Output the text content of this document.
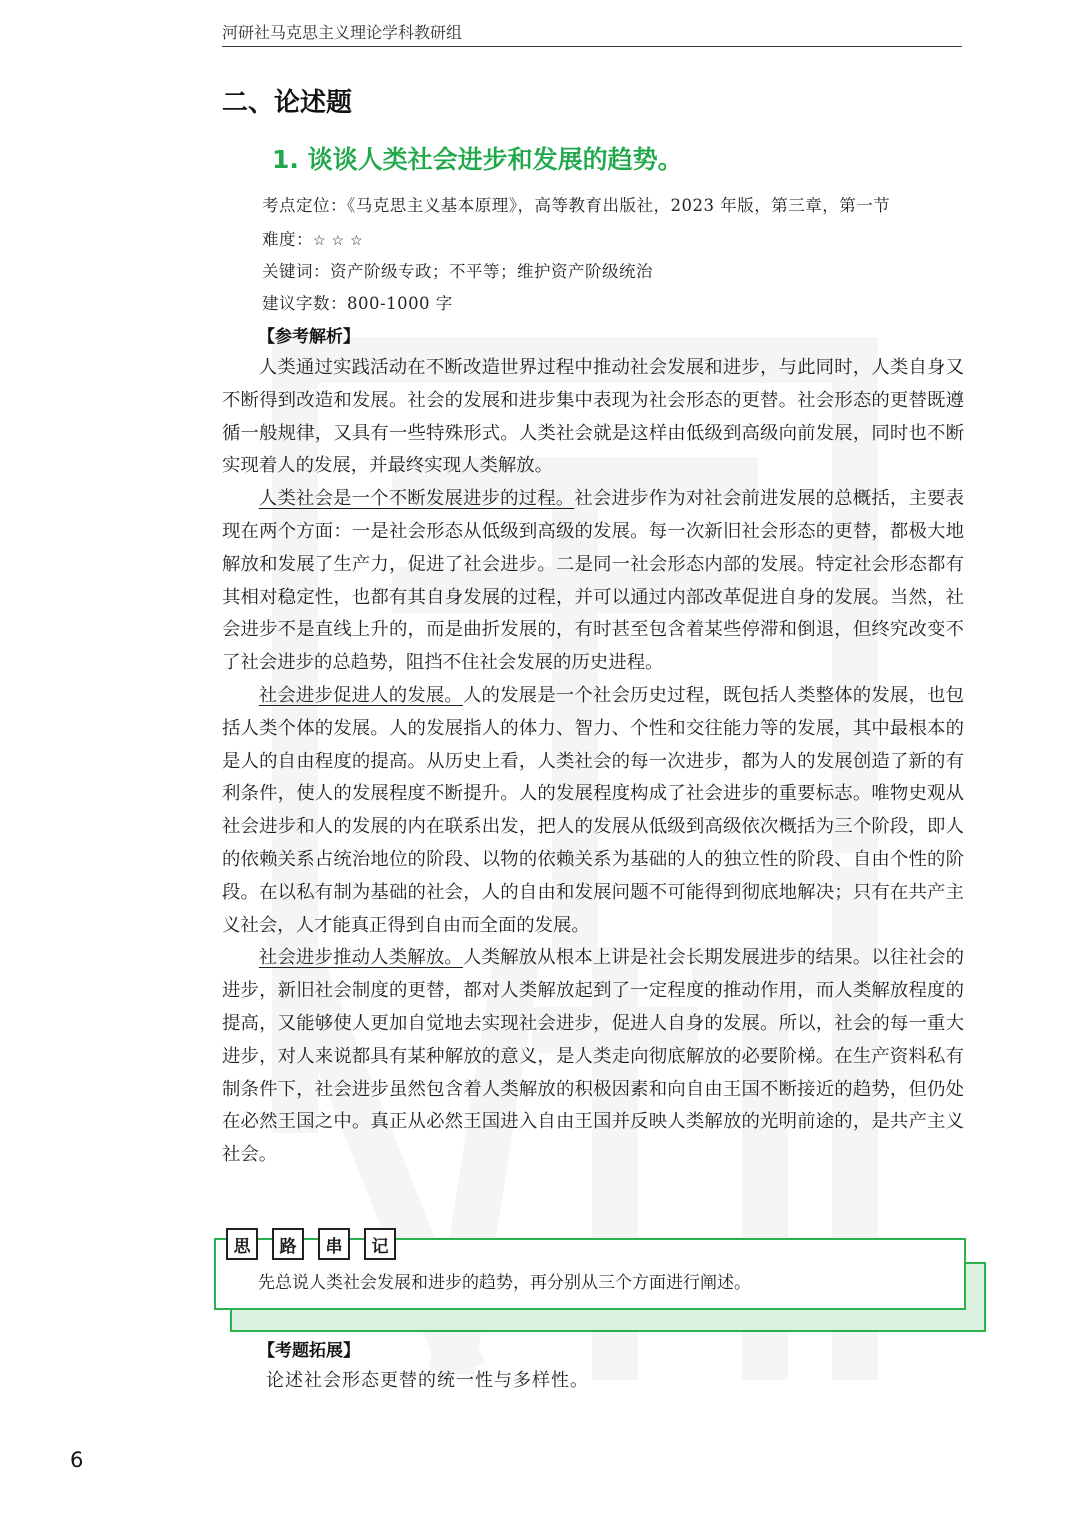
河研社马克思主义理论学科教研组
二、论述题
1. 谈谈人类社会进步和发展的趋势。
考点定位：《马克思主义基本原理》，高等教育出版社，2023 年版，第三章，第一节
难度：☆☆☆
关键词：资产阶级专政；不平等；维护资产阶级统治
建议字数：800-1000 字
【参考解析】

人类通过实践活动在不断改造世界过程中推动社会发展和进步，与此同时，人类自身又不断得到改造和发展。社会的发展和进步集中表现为社会形态的更替。社会形态的更替既遵循一般规律，又具有一些特殊形式。人类社会就是这样由低级到高级向前发展，同时也不断实现着人的发展，并最终实现人类解放。

人类社会是一个不断发展进步的过程。社会进步作为对社会前进发展的总概括，主要表现在两个方面：一是社会形态从低级到高级的发展。每一次新旧社会形态的更替，都极大地解放和发展了生产力，促进了社会进步。二是同一社会形态内部的发展。特定社会形态都有其相对稳定性，也都有其自身发展的过程，并可以通过内部改革促进自身的发展。当然，社会进步不是直线上升的，而是曲折发展的，有时甚至包含着某些停滞和倒退，但终究改变不了社会进步的总趋势，阻挡不住社会发展的历史进程。

社会进步促进人的发展。人的发展是一个社会历史过程，既包括人类整体的发展，也包括人类个体的发展。人的发展指人的体力、智力、个性和交往能力等的发展，其中最根本的是人的自由程度的提高。从历史上看，人类社会的每一次进步，都为人的发展创造了新的有利条件，使人的发展程度不断提升。人的发展程度构成了社会进步的重要标志。唯物史观从社会进步和人的发展的内在联系出发，把人的发展从低级到高级依次概括为三个阶段，即人的依赖关系占统治地位的阶段、以物的依赖关系为基础的人的独立性的阶段、自由个性的阶段。在以私有制为基础的社会，人的自由和发展问题不可能得到彻底地解决；只有在共产主义社会，人才能真正得到自由而全面的发展。

社会进步推动人类解放。人类解放从根本上讲是社会长期发展进步的结果。以往社会的进步，新旧社会制度的更替，都对人类解放起到了一定程度的推动作用，而人类解放程度的提高，又能够使人更加自觉地去实现社会进步，促进人自身的发展。所以，社会的每一重大进步，对人来说都具有某种解放的意义，是人类走向彻底解放的必要阶梯。在生产资料私有制条件下，社会进步虽然包含着人类解放的积极因素和向自由王国不断接近的趋势，但仍处在必然王国之中。真正从必然王国进入自由王国并反映人类解放的光明前途的，是共产主义社会。

思	路	串	记
先总说人类社会发展和进步的趋势，再分别从三个方面进行阐述。
【考题拓展】
论述社会形态更替的统一性与多样性。
6
